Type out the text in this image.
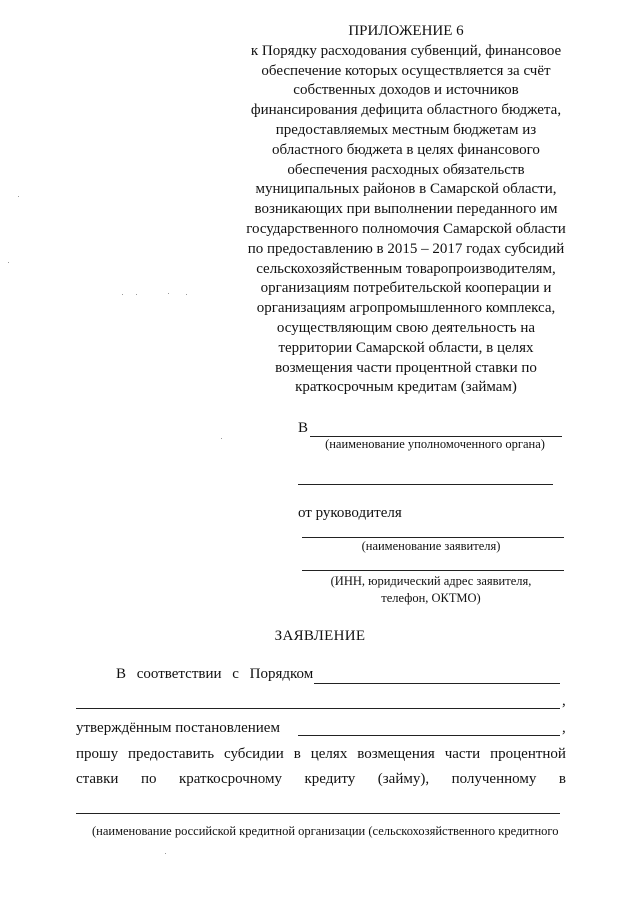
ПРИЛОЖЕНИЕ 6
к Порядку расходования субвенций, финансовое
обеспечение которых осуществляется за счёт
собственных доходов и источников
финансирования дефицита областного бюджета,
предоставляемых местным бюджетам из
областного бюджета в целях финансового
обеспечения расходных обязательств
муниципальных районов в Самарской области,
возникающих при выполнении переданного им
государственного полномочия Самарской области
по предоставлению в 2015 – 2017 годах субсидий
сельскохозяйственным товаропроизводителям,
организациям потребительской кооперации и
организациям агропромышленного комплекса,
осуществляющим свою деятельность на
территории Самарской области, в целях
возмещения части процентной ставки по
краткосрочным кредитам (займам)
В
(наименование уполномоченного органа)
от руководителя
(наименование заявителя)
(ИНН, юридический адрес заявителя,
телефон, ОКТМО)
ЗАЯВЛЕНИЕ
В соответствии с Порядком
,
утверждённым постановлением	,
прошу предоставить субсидии в целях возмещения части процентной
ставки по краткосрочному кредиту (займу), полученному в
(наименование российской кредитной организации (сельскохозяйственного кредитного
